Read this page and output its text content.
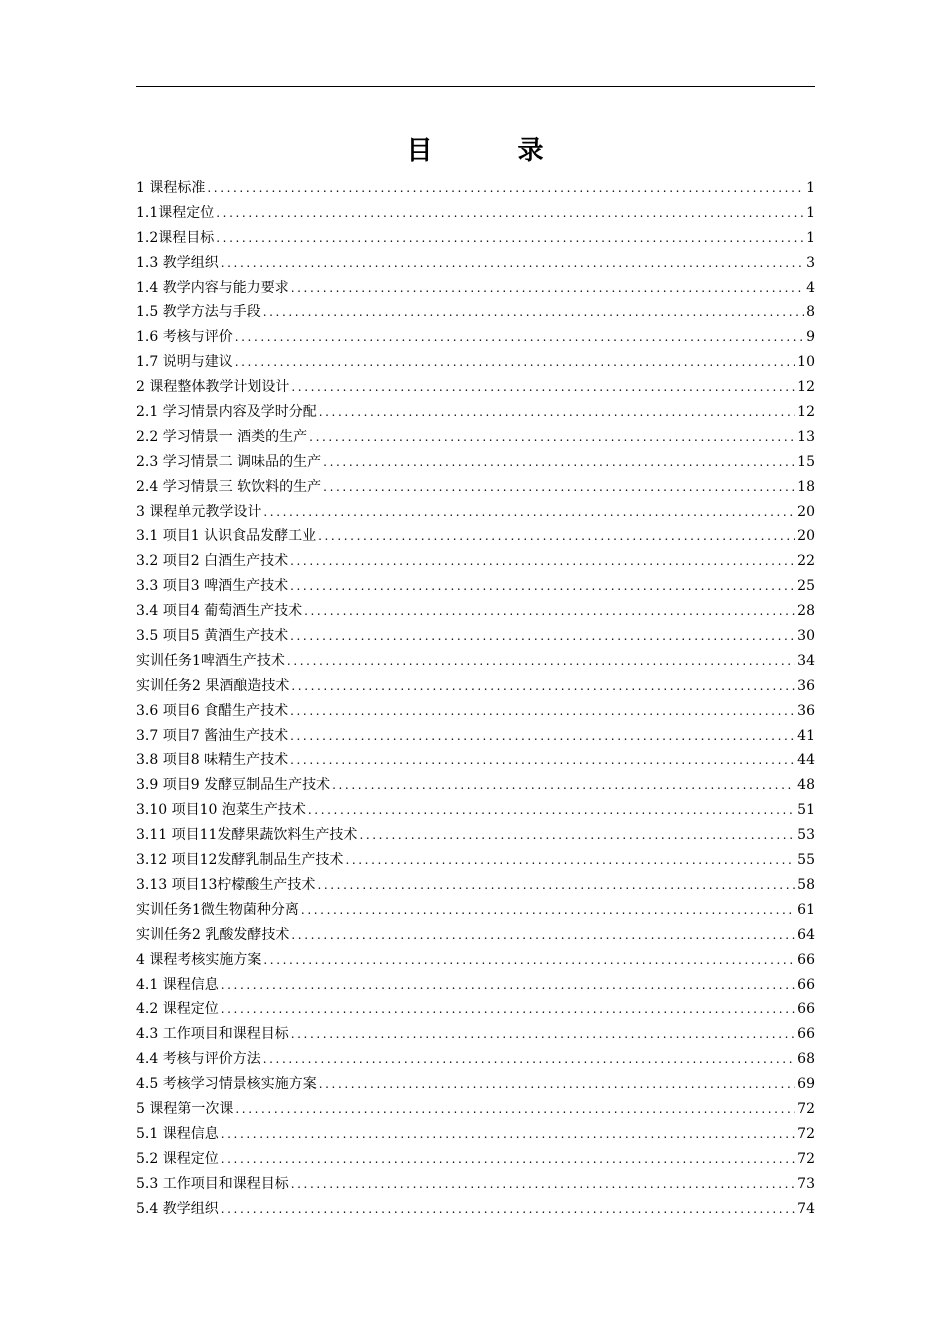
目 录
1 课程标准 .....	1
1.1课程定位 .....	1
1.2课程目标 .....	1
1.3 教学组织 .....	3
1.4 教学内容与能力要求 .....	4
1.5 教学方法与手段 .....	8
1.6 考核与评价 .....	9
1.7 说明与建议 .....	10
2 课程整体教学计划设计 .....	12
2.1 学习情景内容及学时分配 .....	12
2.2 学习情景一 酒类的生产 .....	13
2.3 学习情景二 调味品的生产 .....	15
2.4 学习情景三 软饮料的生产 .....	18
3 课程单元教学设计 .....	20
3.1 项目1 认识食品发酵工业 .....	20
3.2 项目2 白酒生产技术 .....	22
3.3 项目3 啤酒生产技术 .....	25
3.4 项目4 葡萄酒生产技术 .....	28
3.5 项目5 黄酒生产技术 .....	30
实训任务1啤酒生产技术 .....	34
实训任务2 果酒酿造技术 .....	36
3.6 项目6 食醋生产技术 .....	36
3.7 项目7 酱油生产技术 .....	41
3.8 项目8 味精生产技术 .....	44
3.9 项目9 发酵豆制品生产技术 .....	48
3.10 项目10 泡菜生产技术 .....	51
3.11 项目11发酵果蔬饮料生产技术 .....	53
3.12 项目12发酵乳制品生产技术 .....	55
3.13 项目13柠檬酸生产技术 .....	58
实训任务1微生物菌种分离 .....	61
实训任务2 乳酸发酵技术 .....	64
4 课程考核实施方案 .....	66
4.1 课程信息 .....	66
4.2 课程定位 .....	66
4.3 工作项目和课程目标 .....	66
4.4 考核与评价方法 .....	68
4.5 考核学习情景核实施方案 .....	69
5 课程第一次课 .....	72
5.1 课程信息 .....	72
5.2 课程定位 .....	72
5.3 工作项目和课程目标 .....	73
5.4 教学组织 .....	74
